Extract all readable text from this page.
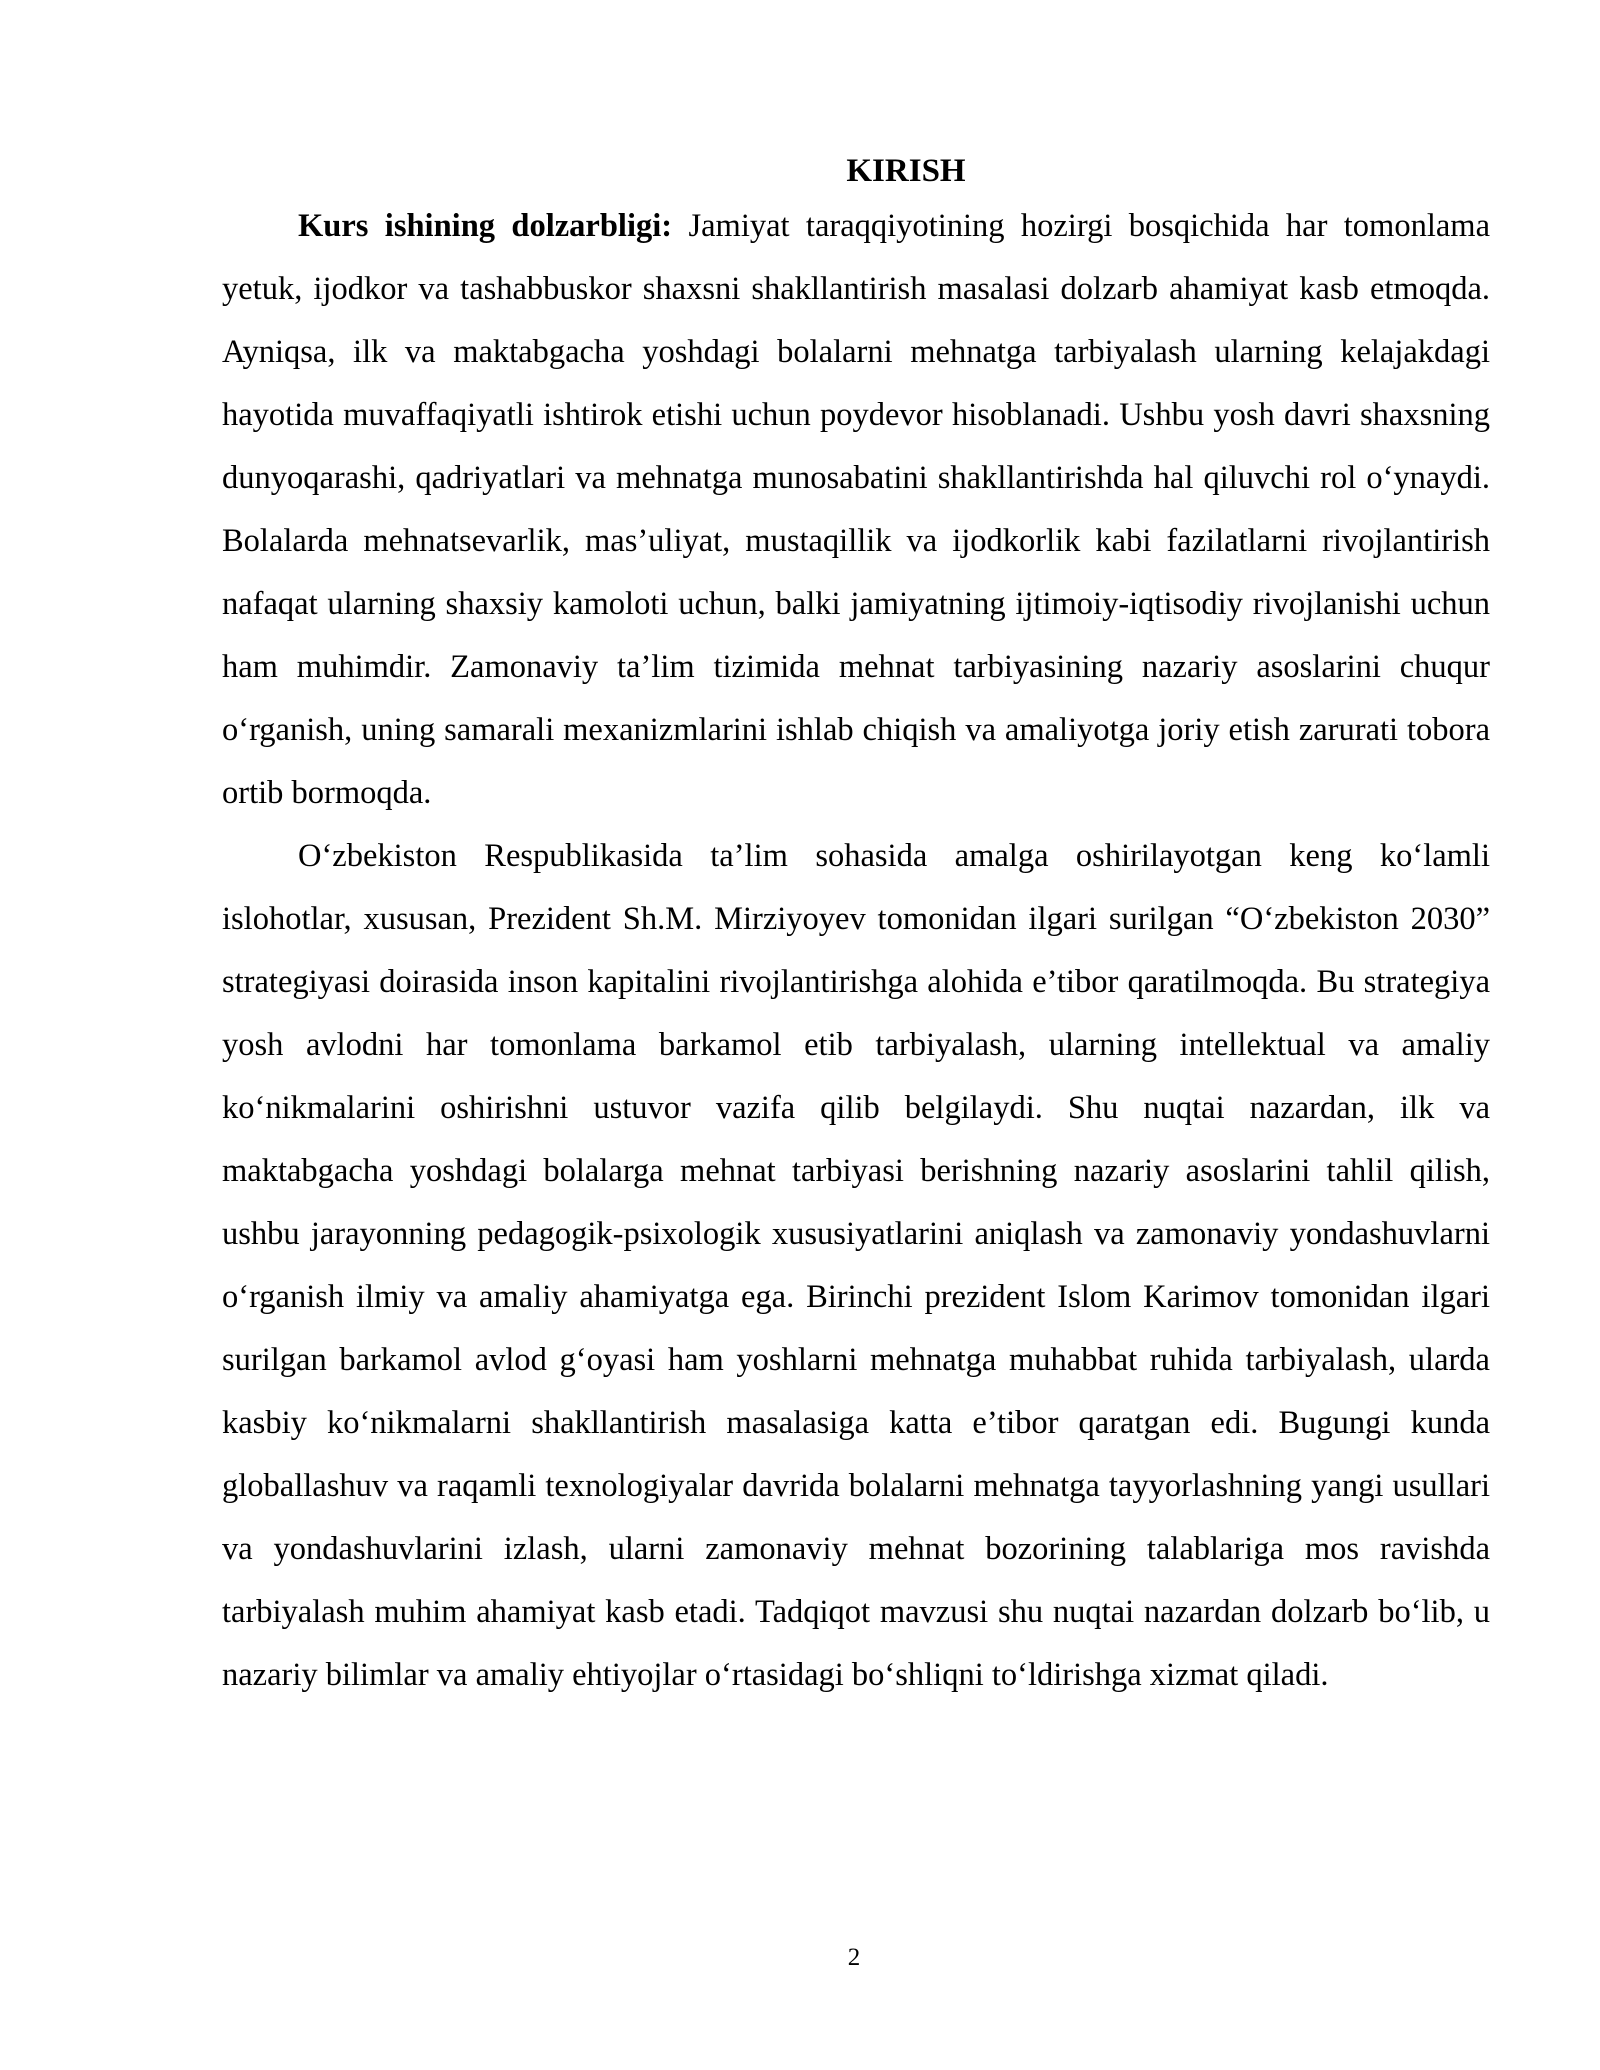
KIRISH

Kurs ishining dolzarbligi: Jamiyat taraqqiyotining hozirgi bosqichida har tomonlama yetuk, ijodkor va tashabbuskor shaxsni shakllantirish masalasi dolzarb ahamiyat kasb etmoqda. Ayniqsa, ilk va maktabgacha yoshdagi bolalarni mehnatga tarbiyalash ularning kelajakdagi hayotida muvaffaqiyatli ishtirok etishi uchun poydevor hisoblanadi. Ushbu yosh davri shaxsning dunyoqarashi, qadriyatlari va mehnatga munosabatini shakllantirishda hal qiluvchi rol o‘ynaydi. Bolalarda mehnatsevarlik, mas’uliyat, mustaqillik va ijodkorlik kabi fazilatlarni rivojlantirish nafaqat ularning shaxsiy kamoloti uchun, balki jamiyatning ijtimoiy-iqtisodiy rivojlanishi uchun ham muhimdir. Zamonaviy ta’lim tizimida mehnat tarbiyasining nazariy asoslarini chuqur o‘rganish, uning samarali mexanizmlarini ishlab chiqish va amaliyotga joriy etish zarurati tobora ortib bormoqda.

O‘zbekiston Respublikasida ta’lim sohasida amalga oshirilayotgan keng ko‘lamli islohotlar, xususan, Prezident Sh.M. Mirziyoyev tomonidan ilgari surilgan “O‘zbekiston 2030” strategiyasi doirasida inson kapitalini rivojlantirishga alohida e’tibor qaratilmoqda. Bu strategiya yosh avlodni har tomonlama barkamol etib tarbiyalash, ularning intellektual va amaliy ko‘nikmalarini oshirishni ustuvor vazifa qilib belgilaydi. Shu nuqtai nazardan, ilk va maktabgacha yoshdagi bolalarga mehnat tarbiyasi berishning nazariy asoslarini tahlil qilish, ushbu jarayonning pedagogik-psixologik xususiyatlarini aniqlash va zamonaviy yondashuvlarni o‘rganish ilmiy va amaliy ahamiyatga ega. Birinchi prezident Islom Karimov tomonidan ilgari surilgan barkamol avlod g‘oyasi ham yoshlarni mehnatga muhabbat ruhida tarbiyalash, ularda kasbiy ko‘nikmalarni shakllantirish masalasiga katta e’tibor qaratgan edi. Bugungi kunda globallashuv va raqamli texnologiyalar davrida bolalarni mehnatga tayyorlashning yangi usullari va yondashuvlarini izlash, ularni zamonaviy mehnat bozorining talablariga mos ravishda tarbiyalash muhim ahamiyat kasb etadi. Tadqiqot mavzusi shu nuqtai nazardan dolzarb bo‘lib, u nazariy bilimlar va amaliy ehtiyojlar o‘rtasidagi bo‘shliqni to‘ldirishga xizmat qiladi.

2
